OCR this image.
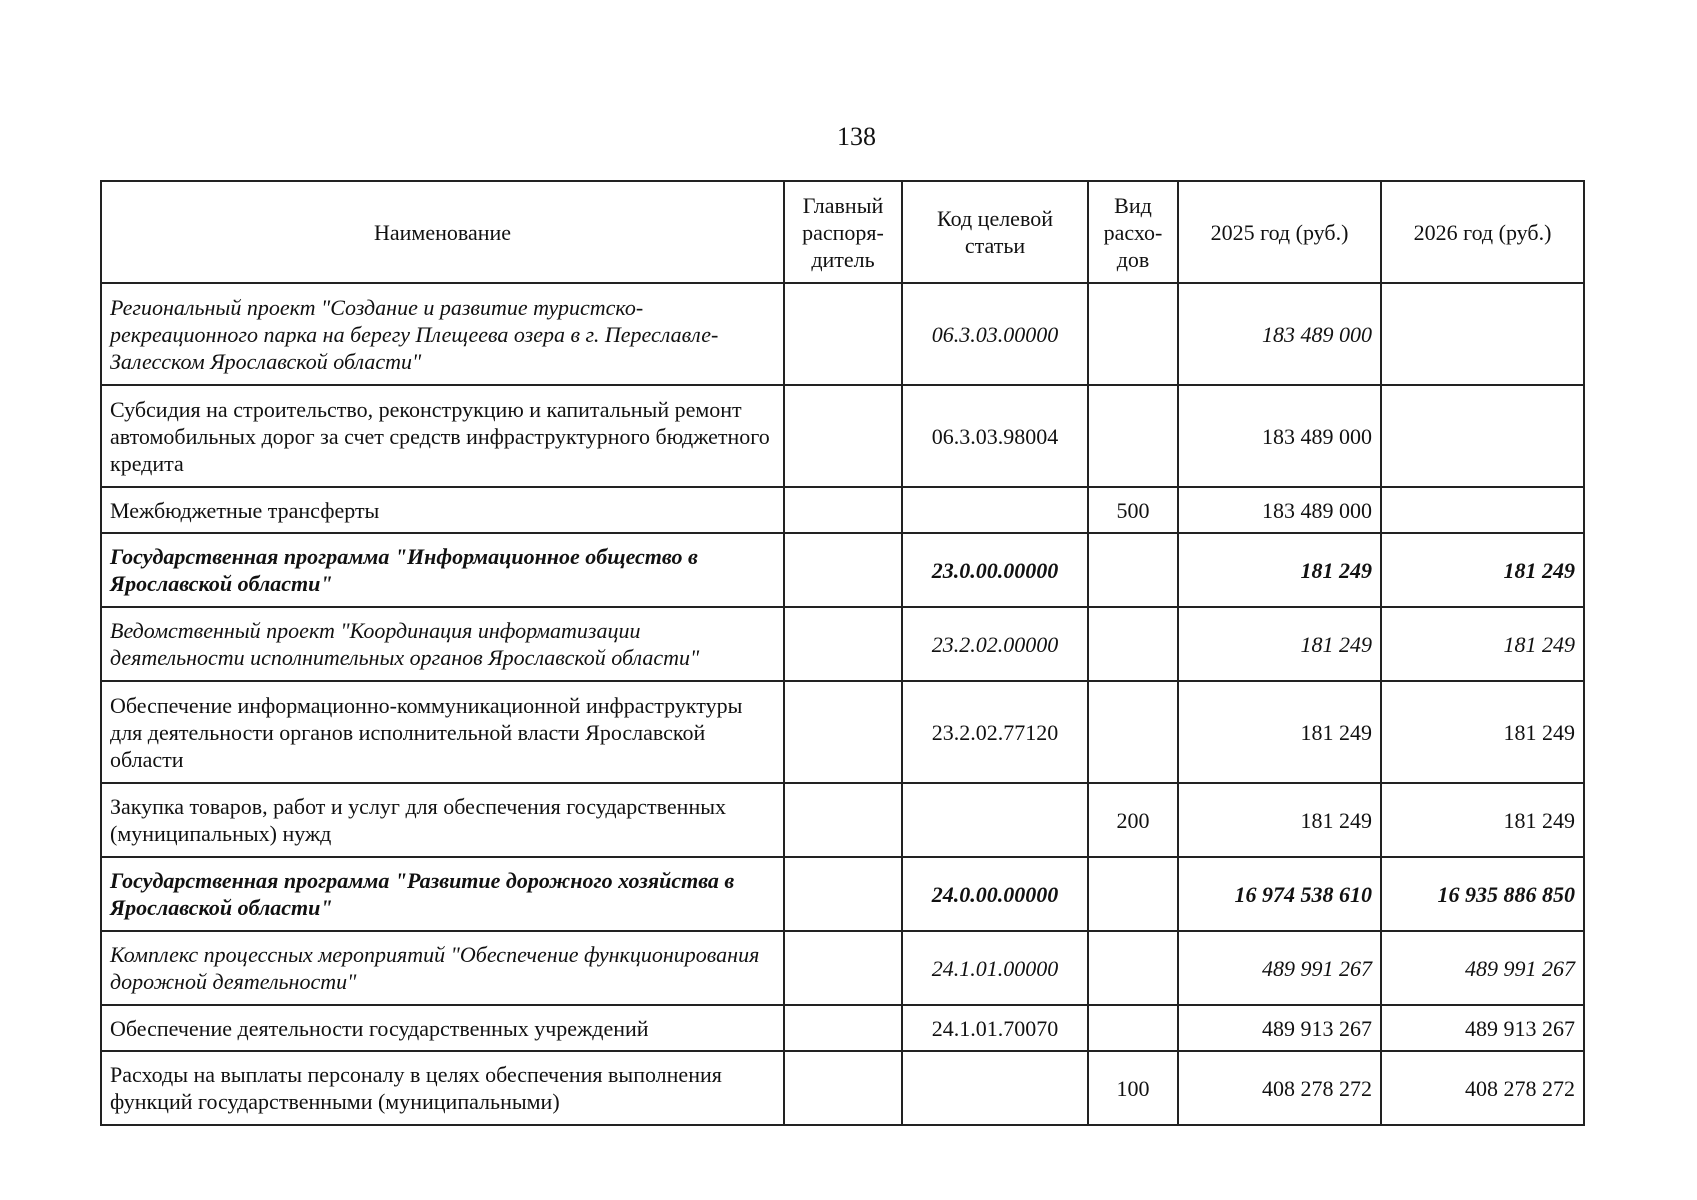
138
Наименование	Главный распоря-дитель	Код целевой статьи	Вид расхо-дов	2025 год (руб.)	2026 год (руб.)
Региональный проект "Создание и развитие туристско-рекреационного парка на берегу Плещеева озера в г. Переславле-Залесском Ярославской области"		06.3.03.00000		183 489 000	
Субсидия на строительство, реконструкцию и капитальный ремонт автомобильных дорог за счет средств инфраструктурного бюджетного кредита		06.3.03.98004		183 489 000	
Межбюджетные трансферты			500	183 489 000	
Государственная программа "Информационное общество в Ярославской области"		23.0.00.00000		181 249	181 249
Ведомственный проект "Координация информатизации деятельности исполнительных органов Ярославской области"		23.2.02.00000		181 249	181 249
Обеспечение информационно-коммуникационной инфраструктуры для деятельности органов исполнительной власти Ярославской области		23.2.02.77120		181 249	181 249
Закупка товаров, работ и услуг для обеспечения государственных (муниципальных) нужд			200	181 249	181 249
Государственная программа "Развитие дорожного хозяйства в Ярославской области"		24.0.00.00000		16 974 538 610	16 935 886 850
Комплекс процессных мероприятий "Обеспечение функционирования дорожной деятельности"		24.1.01.00000		489 991 267	489 991 267
Обеспечение деятельности государственных учреждений		24.1.01.70070		489 913 267	489 913 267
Расходы на выплаты персоналу в целях обеспечения выполнения функций государственными (муниципальными)			100	408 278 272	408 278 272
